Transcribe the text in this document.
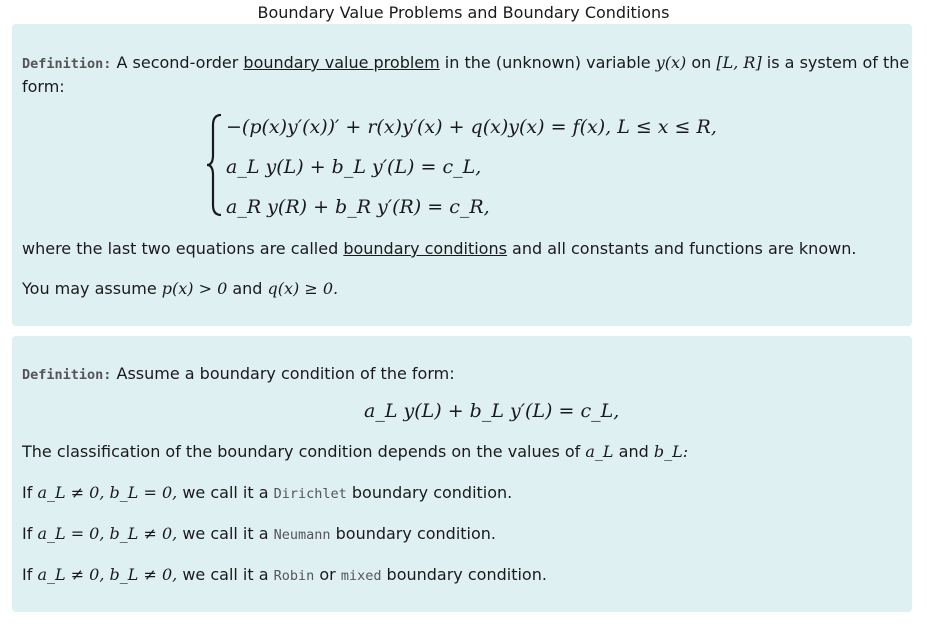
Boundary Value Problems and Boundary Conditions
Definition: A second-order boundary value problem in the (unknown) variable y(x) on [L, R] is a system of the
form:
−(p(x)y′(x))′ + r(x)y′(x) + q(x)y(x) = f(x), L ≤ x ≤ R,
a_L y(L) + b_L y′(L) = c_L,
a_R y(R) + b_R y′(R) = c_R,
where the last two equations are called boundary conditions and all constants and functions are known.
You may assume p(x) > 0 and q(x) ≥ 0.
Definition: Assume a boundary condition of the form:
a_L y(L) + b_L y′(L) = c_L,
The classification of the boundary condition depends on the values of a_L and b_L:
If a_L ≠ 0, b_L = 0, we call it a Dirichlet boundary condition.
If a_L = 0, b_L ≠ 0, we call it a Neumann boundary condition.
If a_L ≠ 0, b_L ≠ 0, we call it a Robin or mixed boundary condition.
